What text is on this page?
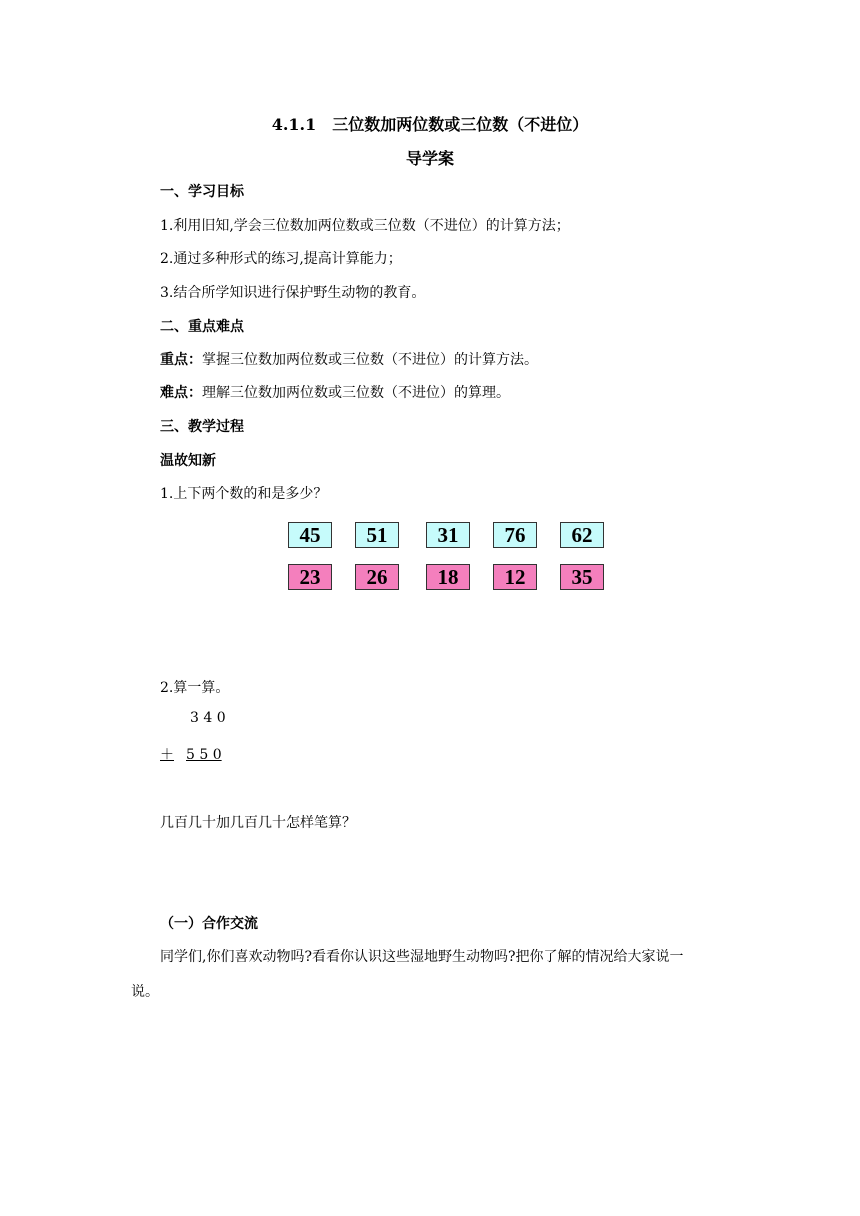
4.1.1　三位数加两位数或三位数（不进位）
导学案
一、学习目标
1.利用旧知,学会三位数加两位数或三位数（不进位）的计算方法；
2.通过多种形式的练习,提高计算能力；
3.结合所学知识进行保护野生动物的教育。
二、重点难点
重点：掌握三位数加两位数或三位数（不进位）的计算方法。
难点：理解三位数加两位数或三位数（不进位）的算理。
三、教学过程
温故知新
1.上下两个数的和是多少？
45	51	31	76	62
23	26	18	12	35
2.算一算。
3 4 0
＋ 5 5 0
几百几十加几百几十怎样笔算？
（一）合作交流
同学们,你们喜欢动物吗?看看你认识这些湿地野生动物吗?把你了解的情况给大家说一
说。
